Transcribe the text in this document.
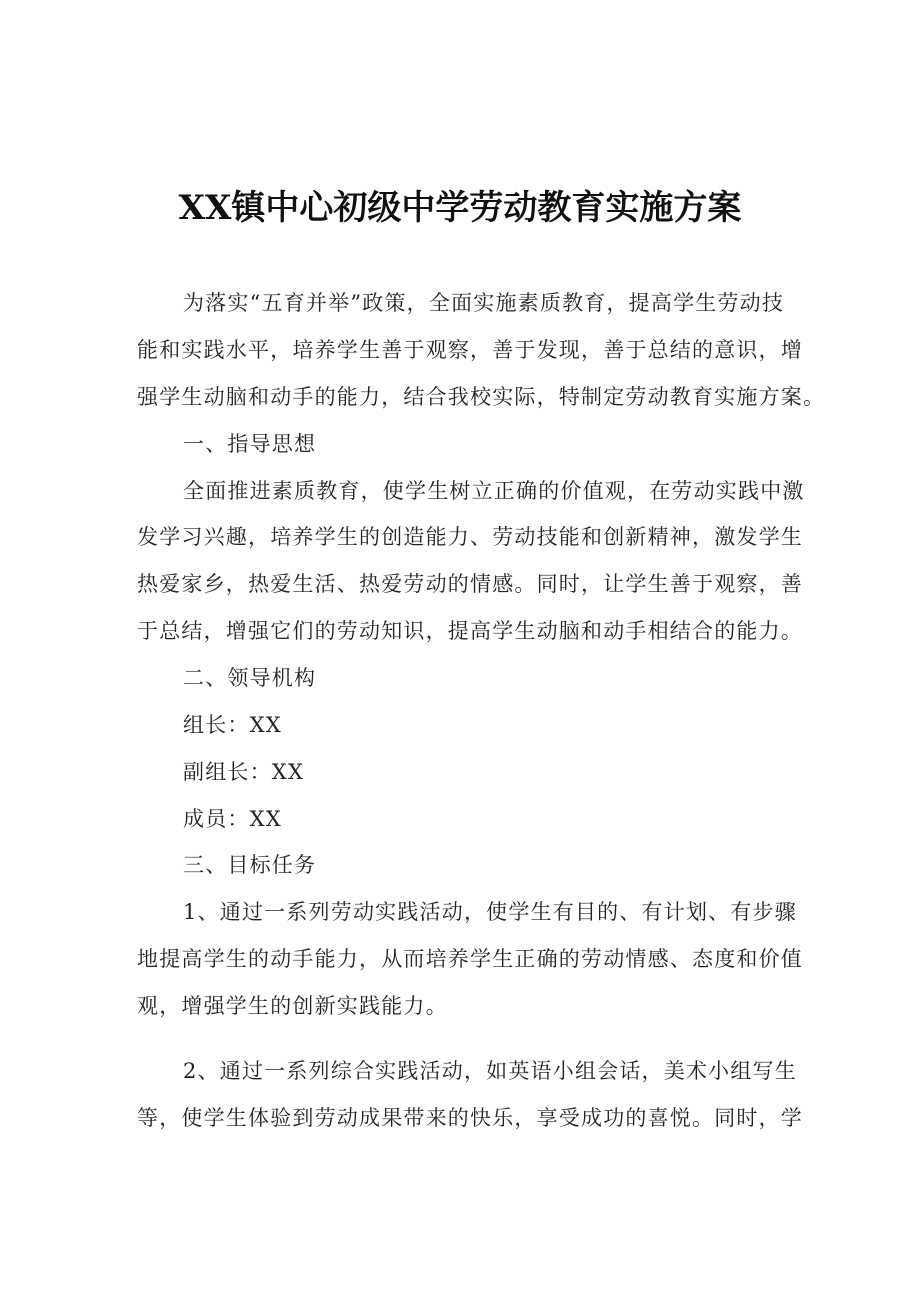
XX镇中心初级中学劳动教育实施方案
为落实“五育并举”政策，全面实施素质教育，提高学生劳动技
能和实践水平，培养学生善于观察，善于发现，善于总结的意识，增
强学生动脑和动手的能力，结合我校实际，特制定劳动教育实施方案。
一、指导思想
全面推进素质教育，使学生树立正确的价值观，在劳动实践中激
发学习兴趣，培养学生的创造能力、劳动技能和创新精神，激发学生
热爱家乡，热爱生活、热爱劳动的情感。同时，让学生善于观察，善
于总结，增强它们的劳动知识，提高学生动脑和动手相结合的能力。
二、领导机构
组长：XX
副组长：XX
成员：XX
三、目标任务
1、通过一系列劳动实践活动，使学生有目的、有计划、有步骤
地提高学生的动手能力，从而培养学生正确的劳动情感、态度和价值
观，增强学生的创新实践能力。
2、通过一系列综合实践活动，如英语小组会话，美术小组写生
等，使学生体验到劳动成果带来的快乐，享受成功的喜悦。同时，学
